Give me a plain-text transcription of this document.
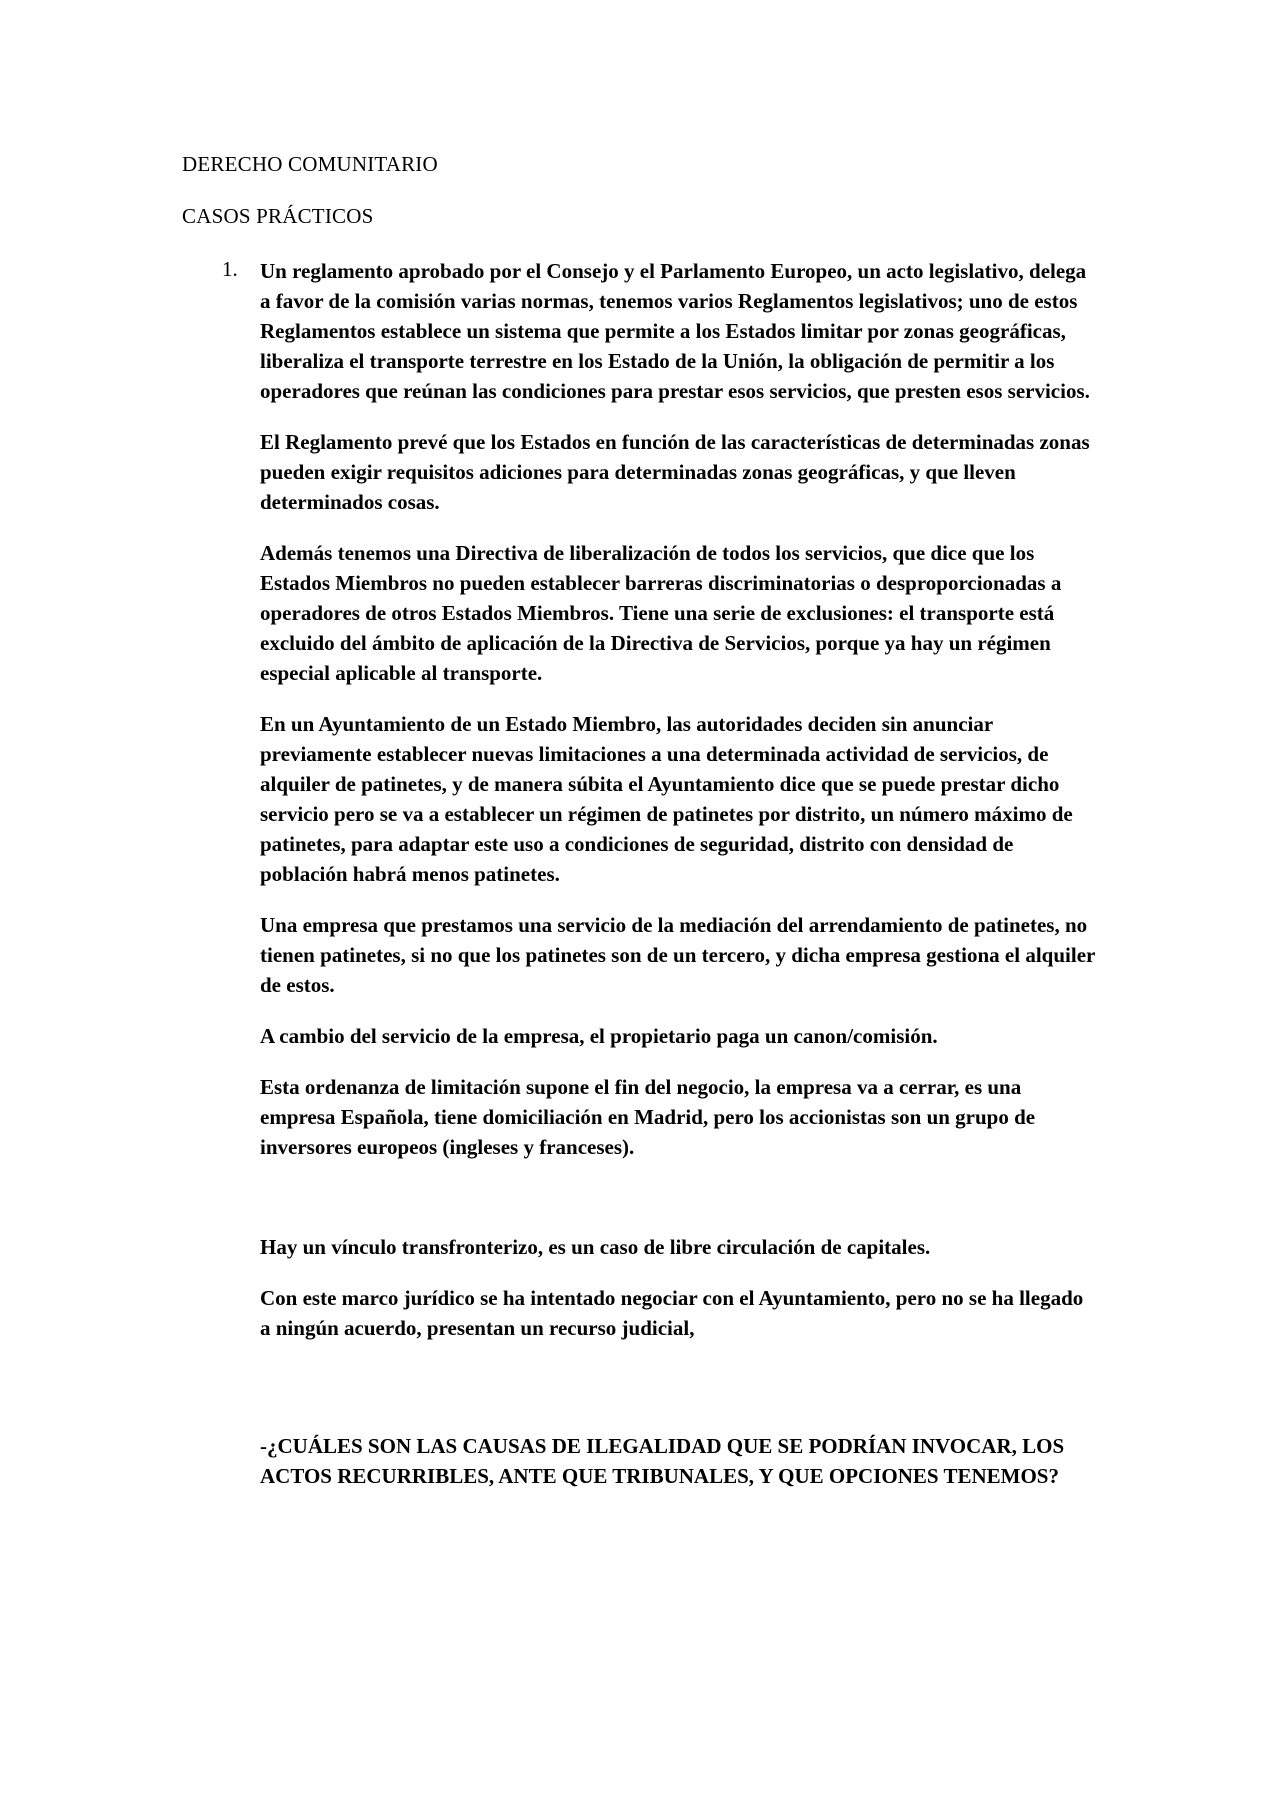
DERECHO COMUNITARIO
CASOS PRÁCTICOS
1. Un reglamento aprobado por el Consejo y el Parlamento Europeo, un acto legislativo, delega a favor de la comisión varias normas, tenemos varios Reglamentos legislativos; uno de estos Reglamentos establece un sistema que permite a los Estados limitar por zonas geográficas, liberaliza el transporte terrestre en los Estado de la Unión, la obligación de permitir a los operadores que reúnan las condiciones para prestar esos servicios, que presten esos servicios.

El Reglamento prevé que los Estados en función de las características de determinadas zonas pueden exigir requisitos adiciones para determinadas zonas geográficas, y que lleven determinados cosas.

Además tenemos una Directiva de liberalización de todos los servicios, que dice que los Estados Miembros no pueden establecer barreras discriminatorias o desproporcionadas a operadores de otros Estados Miembros. Tiene una serie de exclusiones: el transporte está excluido del ámbito de aplicación de la Directiva de Servicios, porque ya hay un régimen especial aplicable al transporte.

En un Ayuntamiento de un Estado Miembro, las autoridades deciden sin anunciar previamente establecer nuevas limitaciones a una determinada actividad de servicios, de alquiler de patinetes, y de manera súbita el Ayuntamiento dice que se puede prestar dicho servicio pero se va a establecer un régimen de patinetes por distrito, un número máximo de patinetes, para adaptar este uso a condiciones de seguridad, distrito con densidad de población habrá menos patinetes.

Una empresa que prestamos una servicio de la mediación del arrendamiento de patinetes, no tienen patinetes, si no que los patinetes son de un tercero, y dicha empresa gestiona el alquiler de estos.

A cambio del servicio de la empresa, el propietario paga un canon/comisión.

Esta ordenanza de limitación supone el fin del negocio, la empresa va a cerrar, es una empresa Española, tiene domiciliación en Madrid, pero los accionistas son un grupo de inversores europeos (ingleses y franceses).

Hay un vínculo transfronterizo, es un caso de libre circulación de capitales.

Con este marco jurídico se ha intentado negociar con el Ayuntamiento, pero no se ha llegado a ningún acuerdo, presentan un recurso judicial,

-¿CUÁLES SON LAS CAUSAS DE ILEGALIDAD QUE SE PODRÍAN INVOCAR, LOS ACTOS RECURRIBLES, ANTE QUE TRIBUNALES, Y QUE OPCIONES TENEMOS?
